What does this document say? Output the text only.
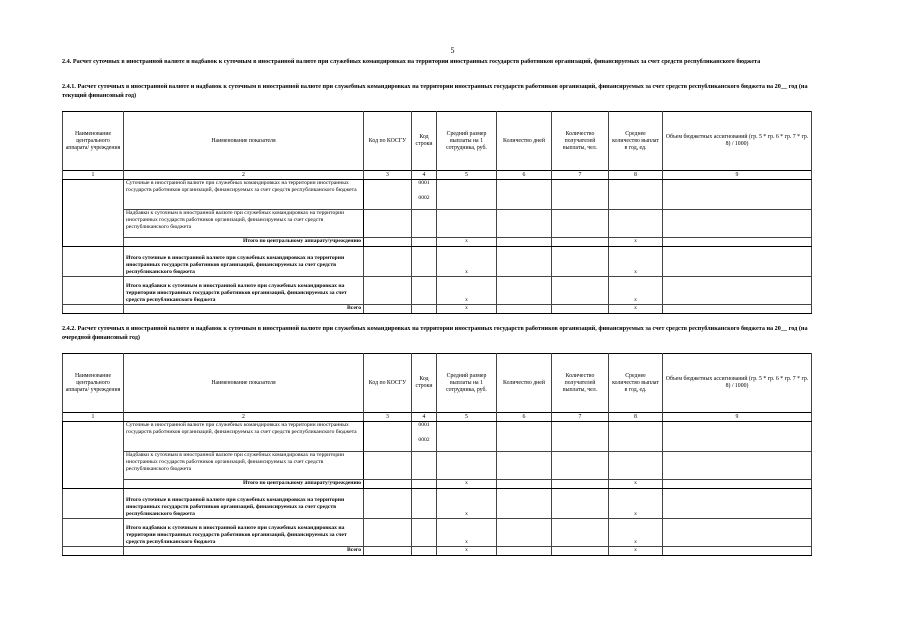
5
2.4. Расчет суточных в иностранной валюте и надбавок к суточным в иностранной валюте при служебных командировках на территории иностранных государств работников организаций, финансируемых за счет средств республиканского бюджета
2.4.1. Расчет суточных в иностранной валюте и надбавок к суточным в иностранной валюте при служебных командировках на территории иностранных государств работников организаций, финансируемых за счет средств республиканского бюджета на 20__ год (на текущий финансовый год)
2.4.2. Расчет суточных в иностранной валюте и надбавок к суточным в иностранной валюте при служебных командировках на территории иностранных государств работников организаций, финансируемых за счет средств республиканского бюджета на 20__ год (на очередной финансовый год)
Наименование центрального аппарата/ учреждения	Наименование показателя	Код по КОСГУ	Код строки	Средний размер выплаты на 1 сотрудника, руб.	Количество дней	Количество получателей выплаты, чел.	Среднее количество выплат в год, ед.	Объем бюджетных ассигнований (гр. 5 * гр. 6 * гр. 7 * гр. 8) / 1000)
1	2	3	4	5	6	7	8	9
	Суточные в иностранной валюте при служебных командировках на территории иностранных государств работников организаций, финансируемых за счет средств республиканского бюджета		0001
0002					

	Надбавки к суточным в иностранной валюте при служебных командировках на территории иностранных государств работников организаций, финансируемых за счет средств республиканского бюджета							
	Итого по центральному аппарату/учреждению			х			х	
	Итого суточные в иностранной валюте при служебных командировках на территории иностранных государств работников организаций, финансируемых за счет средств республиканского бюджета			х			х	
	Итого надбавки к суточным в иностранной валюте при служебных командировках на территории иностранных государств работников организаций, финансируемых за счет средств республиканского бюджета			х			х	
	Всего			х			х	
Наименование центрального аппарата/ учреждения	Наименование показателя	Код по КОСГУ	Код строки	Средний размер выплаты на 1 сотрудника, руб.	Количество дней	Количество получателей выплаты, чел.	Среднее количество выплат в год, ед.	Объем бюджетных ассигнований (гр. 5 * гр. 6 * гр. 7 * гр. 8) / 1000)
1	2	3	4	5	6	7	8	9
	Суточные в иностранной валюте при служебных командировках на территории иностранных государств работников организаций, финансируемых за счет средств республиканского бюджета		0001
0002					

	Надбавки к суточным в иностранной валюте при служебных командировках на территории иностранных государств работников организаций, финансируемых за счет средств республиканского бюджета							
	Итого по центральному аппарату/учреждению			х			х	
	Итого суточные в иностранной валюте при служебных командировках на территории иностранных государств работников организаций, финансируемых за счет средств республиканского бюджета			х			х	
	Итого надбавки к суточным в иностранной валюте при служебных командировках на территории иностранных государств работников организаций, финансируемых за счет средств республиканского бюджета			х			х	
	Всего			х			х	
